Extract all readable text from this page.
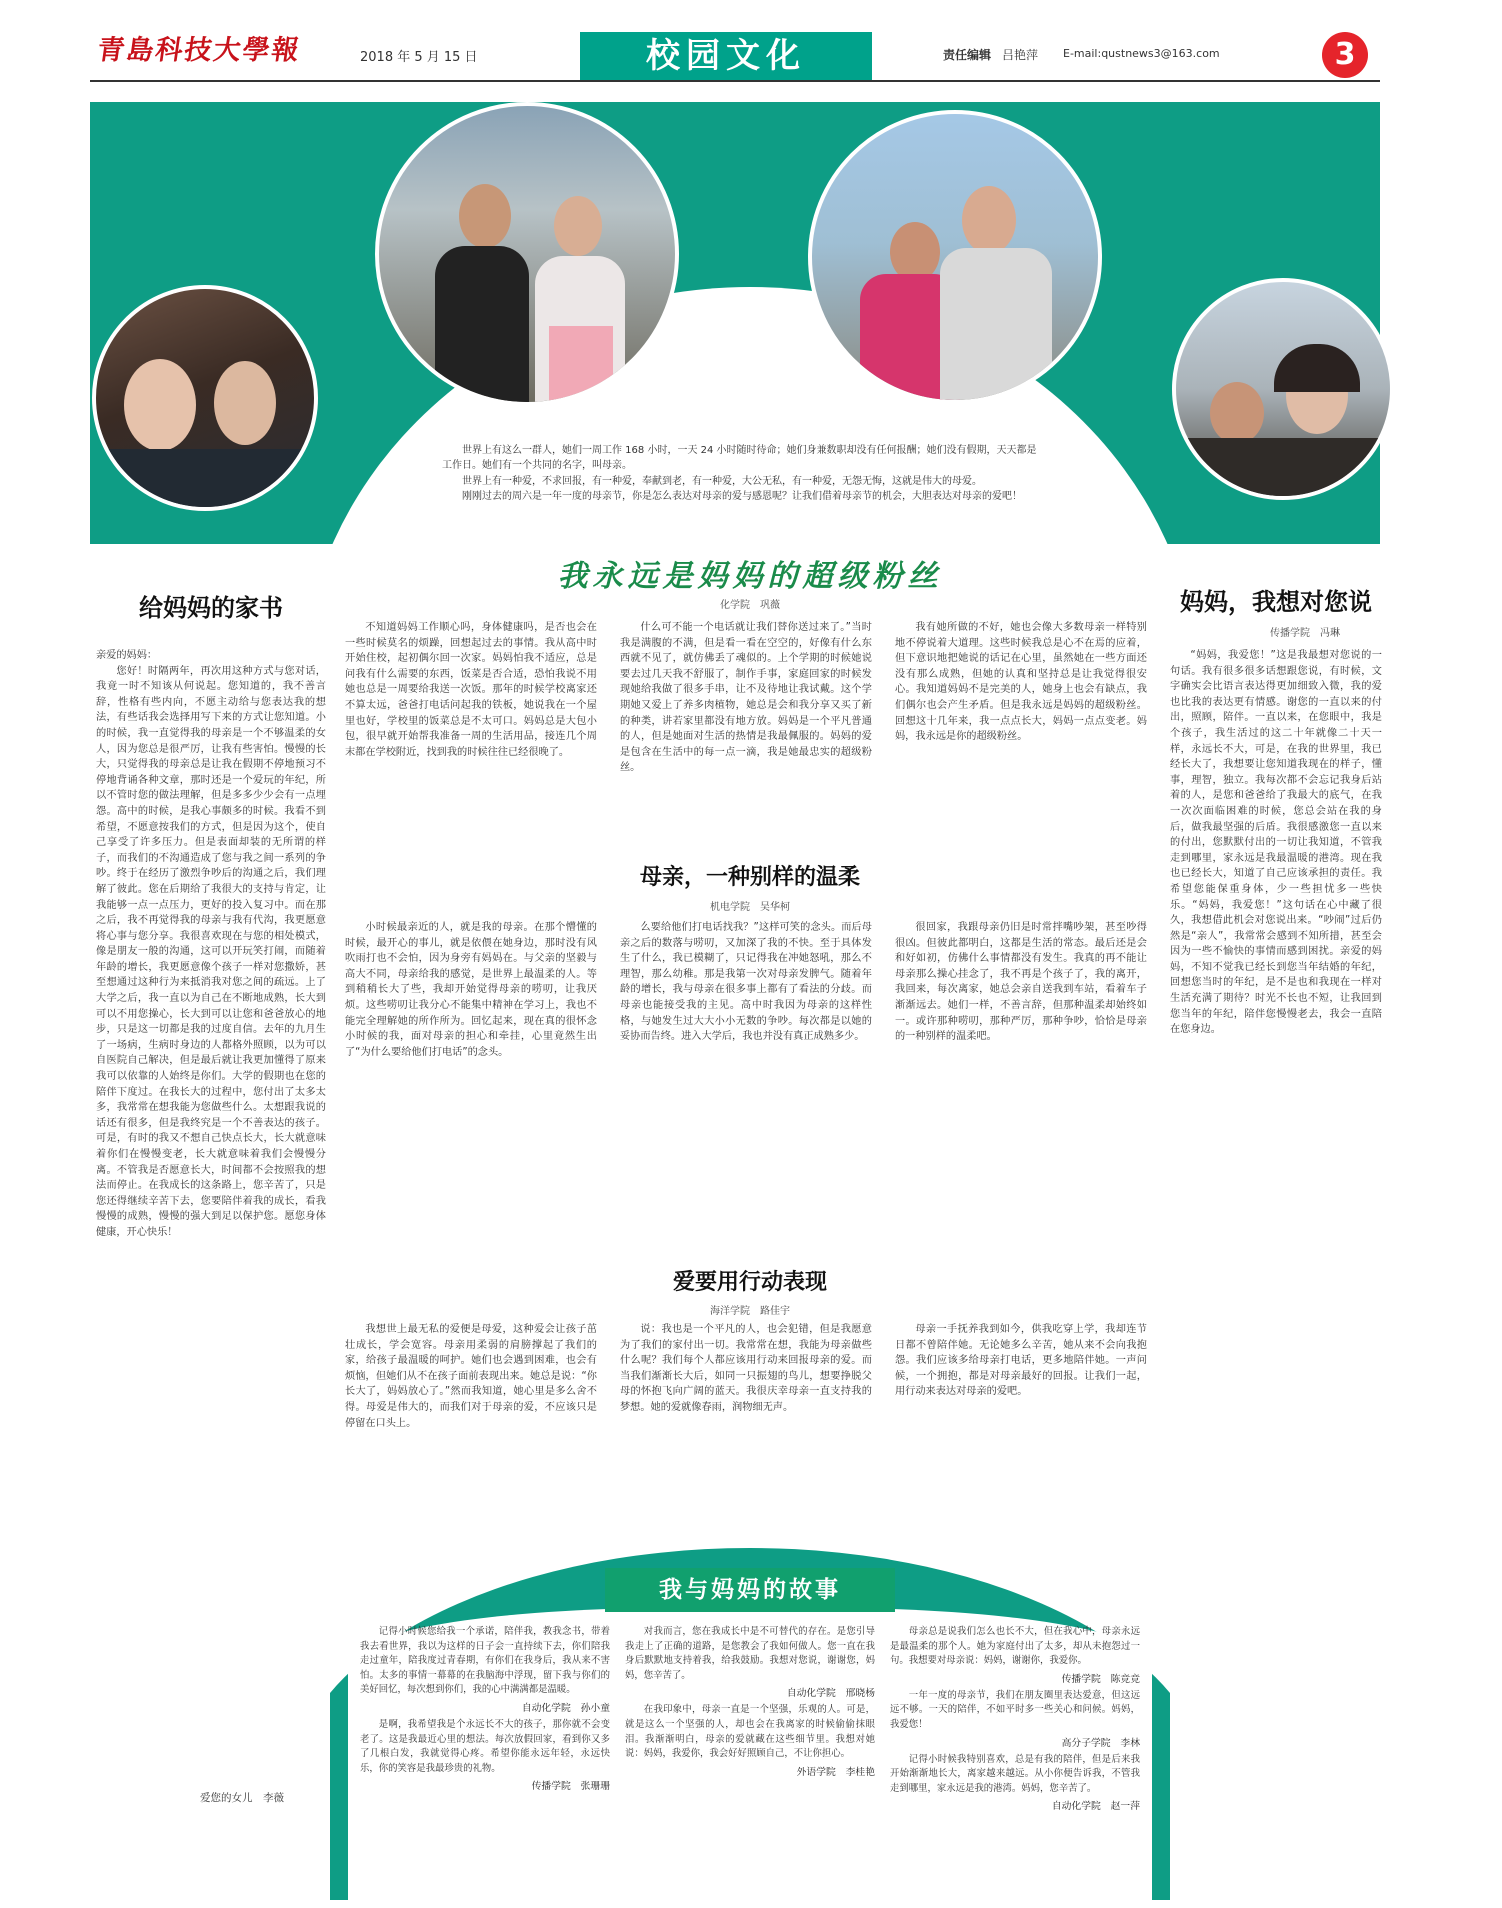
青島科技大學報	2018 年 5 月 15 日	校园文化	责任编辑 吕艳萍 E-mail:qustnews3@163.com	3

世界上有这么一群人，她们一周工作 168 小时，一天 24 小时随时待命；她们身兼数职却没有任何报酬；她们没有假期，天天都是工作日。她们有一个共同的名字，叫母亲。

世界上有一种爱，不求回报，有一种爱，奉献到老，有一种爱，大公无私，有一种爱，无怨无悔，这就是伟大的母爱。

刚刚过去的周六是一年一度的母亲节，你是怎么表达对母亲的爱与感恩呢？让我们借着母亲节的机会，大胆表达对母亲的爱吧！

给妈妈的家书

亲爱的妈妈：

您好！时隔两年，再次用这种方式与您对话，我竟一时不知该从何说起。您知道的，我不善言辞，性格有些内向，不愿主动给与您表达我的想法，有些话我会选择用写下来的方式让您知道。小的时候，我一直觉得我的母亲是一个不够温柔的女人，因为您总是很严厉，让我有些害怕。慢慢的长大，只觉得我的母亲总是让我在假期不停地预习不停地背诵各种文章，那时还是一个爱玩的年纪，所以不管时您的做法理解，但是多多少少会有一点埋怨。高中的时候，是我心事颇多的时候。我看不到希望，不愿意按我们的方式，但是因为这个，使自己享受了许多压力。但是表面却装的无所谓的样子，而我们的不沟通造成了您与我之间一系列的争吵。终于在经历了激烈争吵后的沟通之后，我们理解了彼此。您在后期给了我很大的支持与肯定，让我能够一点一点压力，更好的投入复习中。而在那之后，我不再觉得我的母亲与我有代沟，我更愿意将心事与您分享。我很喜欢现在与您的相处模式，像是朋友一般的沟通，这可以开玩笑打闹，而随着年龄的增长，我更愿意像个孩子一样对您撒娇，甚至想通过这种行为来抵消我对您之间的疏远。上了大学之后，我一直以为自己在不断地成熟，长大到可以不用您操心，长大到可以让您和爸爸放心的地步，只是这一切都是我的过度自信。去年的九月生了一场病，生病时身边的人都格外照顾，以为可以自医院自己解决，但是最后就让我更加懂得了原来我可以依靠的人始终是你们。大学的假期也在您的陪伴下度过。在我长大的过程中，您付出了太多太多，我常常在想我能为您做些什么。太想跟我说的话还有很多，但是我终究是一个不善表达的孩子。可是，有时的我又不想自己快点长大，长大就意味着你们在慢慢变老，长大就意味着我们会慢慢分离。不管我是否愿意长大，时间都不会按照我的想法而停止。在我成长的这条路上，您辛苦了，只是您还得继续辛苦下去，您要陪伴着我的成长，看我慢慢的成熟，慢慢的强大到足以保护您。愿您身体健康，开心快乐！

爱您的女儿　李薇
妈妈，我想对您说
传播学院　冯琳

“妈妈，我爱您！”这是我最想对您说的一句话。我有很多很多话想跟您说，有时候，文字确实会比语言表达得更加细致入微，我的爱也比我的表达更有情感。谢您的一直以来的付出，照顾，陪伴。一直以来，在您眼中，我是个孩子，我生活过的这二十年就像二十天一样，永远长不大，可是，在我的世界里，我已经长大了，我想要让您知道我现在的样子，懂事，理智，独立。我每次都不会忘记我身后站着的人，是您和爸爸给了我最大的底气，在我一次次面临困难的时候，您总会站在我的身后，做我最坚强的后盾。我很感激您一直以来的付出，您默默付出的一切让我知道，不管我走到哪里，家永远是我最温暖的港湾。现在我也已经长大，知道了自己应该承担的责任。我希望您能保重身体，少一些担忧多一些快乐。“妈妈，我爱您！”这句话在心中藏了很久，我想借此机会对您说出来。“吵闹”过后仍然是“亲人”，我常常会感到不知所措，甚至会因为一些不愉快的事情而感到困扰。亲爱的妈妈，不知不觉我已经长到您当年结婚的年纪，回想您当时的年纪，是不是也和我现在一样对生活充满了期待？时光不长也不短，让我回到您当年的年纪，陪伴您慢慢老去，我会一直陪在您身边。

我永远是妈妈的超级粉丝
化学院　巩薇

不知道妈妈工作顺心吗，身体健康吗，是否也会在一些时候莫名的烦躁，回想起过去的事情。我从高中时开始住校，起初偶尔回一次家。妈妈怕我不适应，总是问我有什么需要的东西，饭菜是否合适，恐怕我说不用她也总是一周要给我送一次饭。那年的时候学校离家还不算太远，爸爸打电话问起我的铁板，她说我在一个屋里也好，学校里的饭菜总是不太可口。妈妈总是大包小包，很早就开始帮我准备一周的生活用品，接连几个周末都在学校附近，找到我的时候往往已经很晚了。

什么可不能一个电话就让我们替你送过来了。”当时我是满腹的不满，但是看一看在空空的，好像有什么东西就不见了，就仿佛丢了魂似的。上个学期的时候她说要去过几天我不舒服了，制作手事，家庭回家的时候发现她给我做了很多手串，让不及待地让我试戴。这个学期她又爱上了养多肉植物，她总是会和我分享又买了新的种类，讲若家里都没有地方放。妈妈是一个平凡普通的人，但是她面对生活的热情是我最佩服的。妈妈的爱是包含在生活中的每一点一滴，我是她最忠实的超级粉丝。

我有她所做的不好，她也会像大多数母亲一样特别地不停说着大道理。这些时候我总是心不在焉的应着，但下意识地把她说的话记在心里，虽然她在一些方面还没有那么成熟，但她的认真和坚持总是让我觉得很安心。我知道妈妈不是完美的人，她身上也会有缺点，我们偶尔也会产生矛盾。但是我永远是妈妈的超级粉丝。回想这十几年来，我一点点长大，妈妈一点点变老。妈妈，我永远是你的超级粉丝。

母亲，一种别样的温柔
机电学院　吴华柯

小时候最亲近的人，就是我的母亲。在那个懵懂的时候，最开心的事儿，就是依偎在她身边，那时没有风吹雨打也不会怕，因为身旁有妈妈在。与父亲的坚毅与高大不同，母亲给我的感觉，是世界上最温柔的人。等到稍稍长大了些，我却开始觉得母亲的唠叨，让我厌烦。这些唠叨让我分心不能集中精神在学习上，我也不能完全理解她的所作所为。回忆起来，现在真的很怀念小时候的我，面对母亲的担心和牵挂，心里竟然生出了“为什么要给他们打电话”的念头。

么要给他们打电话找我？”这样可笑的念头。而后母亲之后的数落与唠叨，又加深了我的不快。至于具体发生了什么，我已模糊了，只记得我在冲她怒吼，那么不理智，那么幼稚。那是我第一次对母亲发脾气。随着年龄的增长，我与母亲在很多事上都有了看法的分歧。而母亲也能接受我的主见。高中时我因为母亲的这样性格，与她发生过大大小小无数的争吵。每次都是以她的妥协而告终。进入大学后，我也并没有真正成熟多少。

很回家，我跟母亲仍旧是时常拌嘴吵架，甚至吵得很凶。但彼此都明白，这都是生活的常态。最后还是会和好如初，仿佛什么事情都没有发生。我真的再不能让母亲那么操心挂念了，我不再是个孩子了，我的离开，我回来，每次离家，她总会亲自送我到车站，看着车子渐渐远去。她们一样，不善言辞，但那种温柔却始终如一。或许那种唠叨，那种严厉，那种争吵，恰恰是母亲的一种别样的温柔吧。

爱要用行动表现
海洋学院　路佳宇

我想世上最无私的爱便是母爱，这种爱会让孩子茁壮成长，学会宽容。母亲用柔弱的肩膀撑起了我们的家，给孩子最温暖的呵护。她们也会遇到困难，也会有烦恼，但她们从不在孩子面前表现出来。她总是说：“你长大了，妈妈放心了。”然而我知道，她心里是多么舍不得。母爱是伟大的，而我们对于母亲的爱，不应该只是停留在口头上。

说：我也是一个平凡的人，也会犯错，但是我愿意为了我们的家付出一切。我常常在想，我能为母亲做些什么呢？我们每个人都应该用行动来回报母亲的爱。而当我们渐渐长大后，如同一只振翅的鸟儿，想要挣脱父母的怀抱飞向广阔的蓝天。我很庆幸母亲一直支持我的梦想。她的爱就像春雨，润物细无声。

母亲一手抚养我到如今，供我吃穿上学，我却连节日都不曾陪伴她。无论她多么辛苦，她从来不会向我抱怨。我们应该多给母亲打电话，更多地陪伴她。一声问候，一个拥抱，都是对母亲最好的回报。让我们一起，用行动来表达对母亲的爱吧。

我与妈妈的故事

记得小时候您给我一个承诺，陪伴我，教我念书，带着我去看世界，我以为这样的日子会一直持续下去，你们陪我走过童年，陪我度过青春期，有你们在我身后，我从来不害怕。太多的事情一幕幕的在我脑海中浮现，留下我与你们的美好回忆，每次想到你们，我的心中满满都是温暖。

自动化学院　孙小童

是啊，我希望我是个永远长不大的孩子，那你就不会变老了。这是我最近心里的想法。每次放假回家，看到你又多了几根白发，我就觉得心疼。希望你能永远年轻，永远快乐，你的笑容是我最珍贵的礼物。

传播学院　张珊珊

对我而言，您在我成长中是不可替代的存在。是您引导我走上了正确的道路，是您教会了我如何做人。您一直在我身后默默地支持着我，给我鼓励。我想对您说，谢谢您，妈妈，您辛苦了。

自动化学院　邢晓杨

在我印象中，母亲一直是一个坚强，乐观的人。可是，就是这么一个坚强的人，却也会在我离家的时候偷偷抹眼泪。我渐渐明白，母亲的爱就藏在这些细节里。我想对她说：妈妈，我爱你，我会好好照顾自己，不让你担心。

外语学院　李桂艳

母亲总是说我们怎么也长不大，但在我心中，母亲永远是最温柔的那个人。她为家庭付出了太多，却从未抱怨过一句。我想要对母亲说：妈妈，谢谢你，我爱你。

传播学院　陈竞竞

一年一度的母亲节，我们在朋友圈里表达爱意，但这远远不够。一天的陪伴，不如平时多一些关心和问候。妈妈，我爱您！

高分子学院　李林

记得小时候我特别喜欢，总是有我的陪伴，但是后来我开始渐渐地长大，离家越来越远。从小你便告诉我，不管我走到哪里，家永远是我的港湾。妈妈，您辛苦了。

自动化学院　赵一萍
